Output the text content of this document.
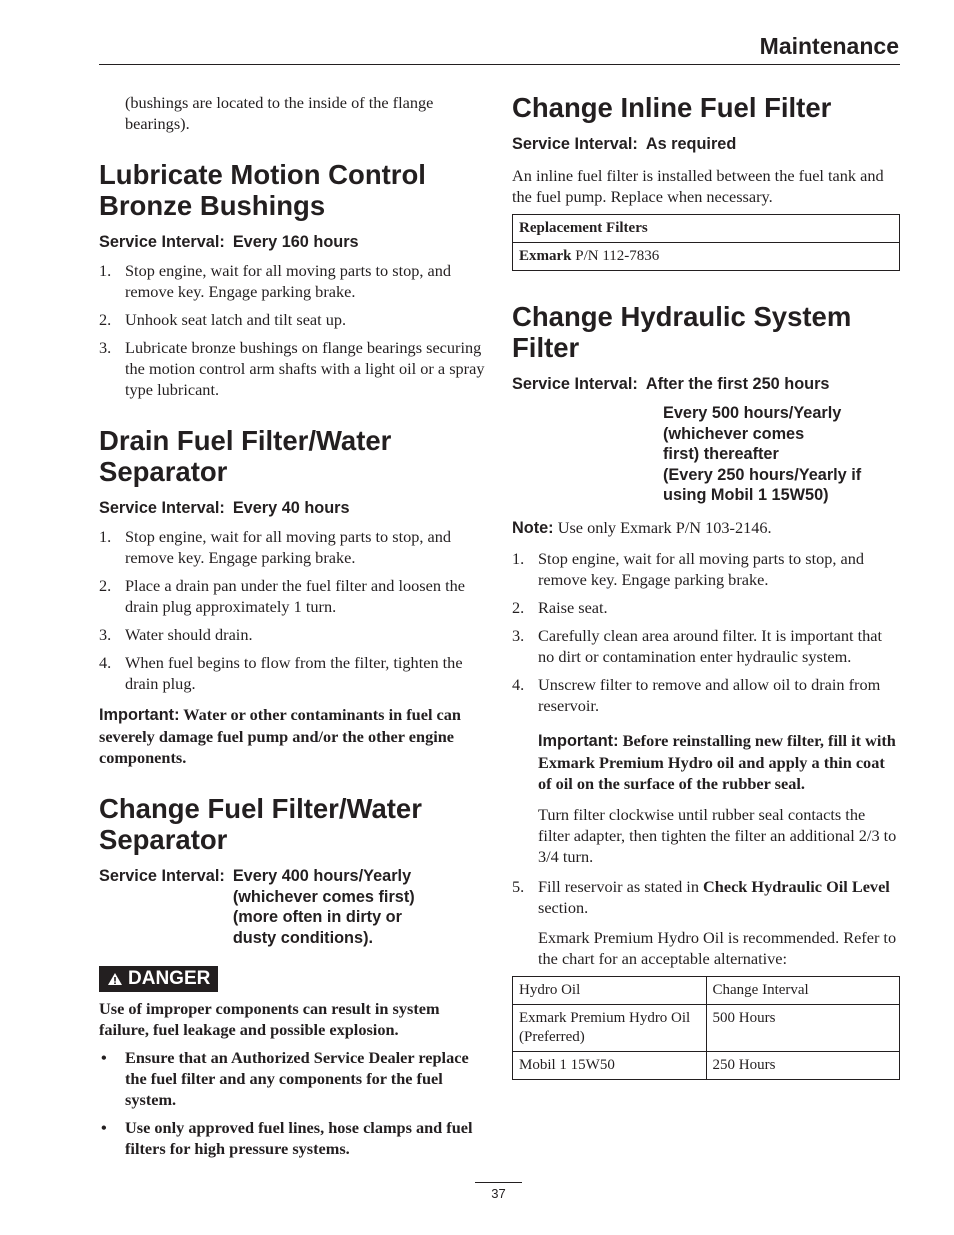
Maintenance
(bushings are located to the inside of the flange bearings).
Lubricate Motion Control Bronze Bushings
Service Interval: Every 160 hours
1. Stop engine, wait for all moving parts to stop, and remove key. Engage parking brake.
2. Unhook seat latch and tilt seat up.
3. Lubricate bronze bushings on flange bearings securing the motion control arm shafts with a light oil or a spray type lubricant.
Drain Fuel Filter/Water Separator
Service Interval: Every 40 hours
1. Stop engine, wait for all moving parts to stop, and remove key. Engage parking brake.
2. Place a drain pan under the fuel filter and loosen the drain plug approximately 1 turn.
3. Water should drain.
4. When fuel begins to flow from the filter, tighten the drain plug.
Important: Water or other contaminants in fuel can severely damage fuel pump and/or the other engine components.
Change Fuel Filter/Water Separator
Service Interval: Every 400 hours/Yearly
(whichever comes first)
(more often in dirty or
dusty conditions).
DANGER
Use of improper components can result in system failure, fuel leakage and possible explosion.
• Ensure that an Authorized Service Dealer replace the fuel filter and any components for the fuel system.
• Use only approved fuel lines, hose clamps and fuel filters for high pressure systems.
Change Inline Fuel Filter
Service Interval: As required
An inline fuel filter is installed between the fuel tank and the fuel pump. Replace when necessary.
Replacement Filters
Exmark P/N 112-7836
Change Hydraulic System Filter
Service Interval: After the first 250 hours
Every 500 hours/Yearly
(whichever comes
first) thereafter
(Every 250 hours/Yearly if
using Mobil 1 15W50)
Note: Use only Exmark P/N 103-2146.
1. Stop engine, wait for all moving parts to stop, and remove key. Engage parking brake.
2. Raise seat.
3. Carefully clean area around filter. It is important that no dirt or contamination enter hydraulic system.
4. Unscrew filter to remove and allow oil to drain from reservoir.
Important: Before reinstalling new filter, fill it with Exmark Premium Hydro oil and apply a thin coat of oil on the surface of the rubber seal.
Turn filter clockwise until rubber seal contacts the filter adapter, then tighten the filter an additional 2/3 to 3/4 turn.
5. Fill reservoir as stated in Check Hydraulic Oil Level section.
Exmark Premium Hydro Oil is recommended. Refer to the chart for an acceptable alternative:
Hydro Oil	Change Interval
Exmark Premium Hydro Oil (Preferred)	500 Hours
Mobil 1 15W50	250 Hours
37
